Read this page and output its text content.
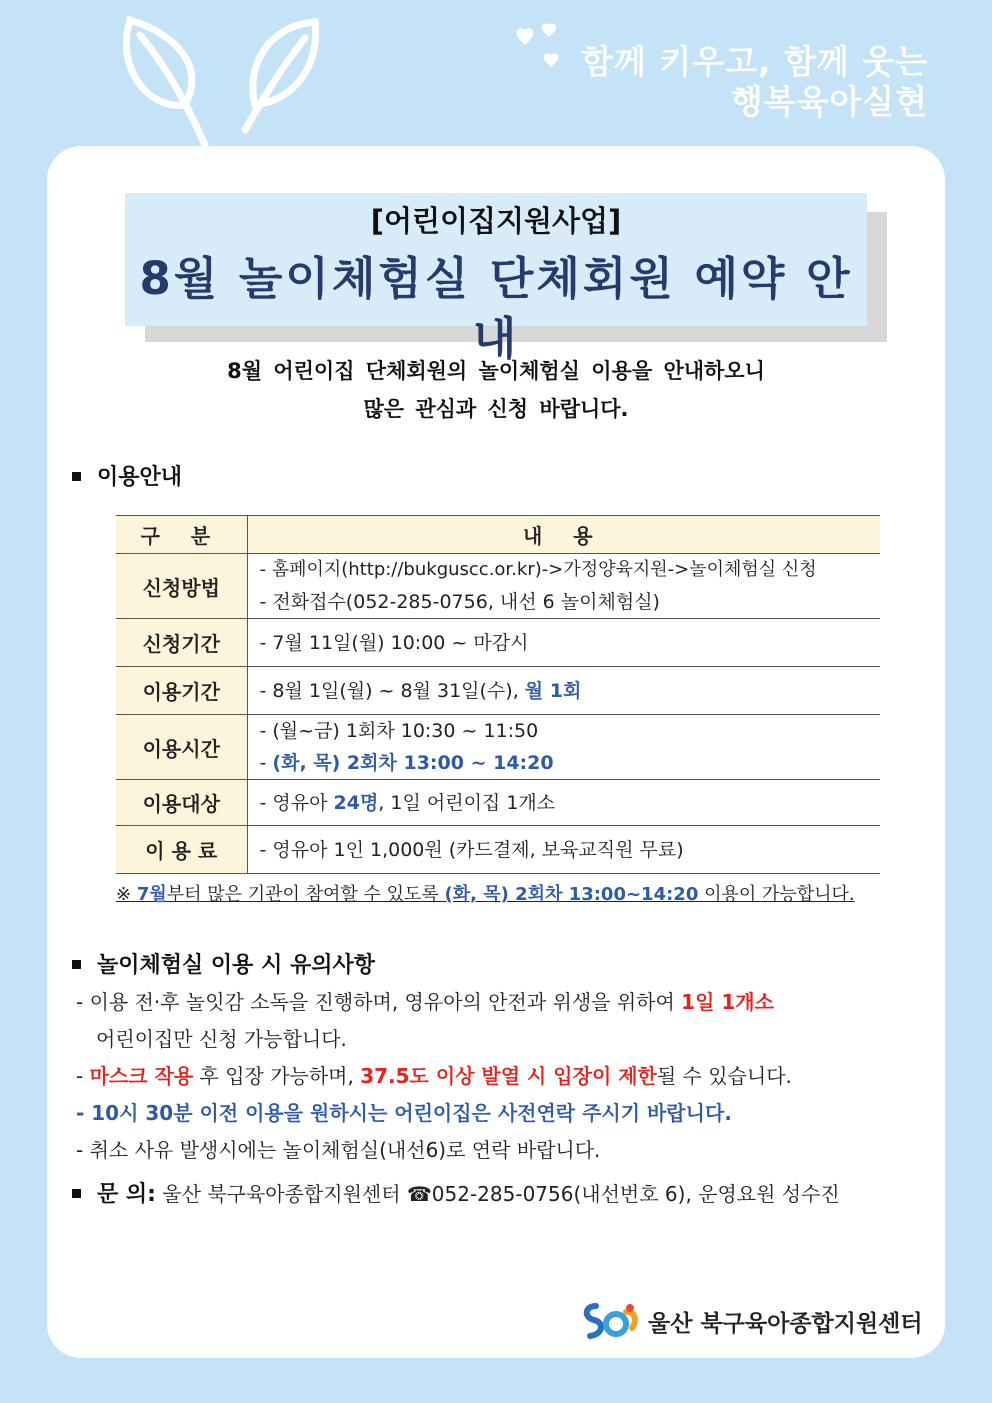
함께 키우고, 함께 웃는
행복육아실현
[어린이집지원사업]
8월 놀이체험실 단체회원 예약 안내
8월 어린이집 단체회원의 놀이체험실 이용을 안내하오니
많은 관심과 신청 바랍니다.
이용안내
구 분	내 용
신청방법	- 홈페이지(http://bukguscc.or.kr)->가정양육지원->놀이체험실 신청
- 전화접수(052-285-0756, 내선 6 놀이체험실)

신청기간	- 7월 11일(월) 10:00 ~ 마감시

이용기간	- 8월 1일(월) ~ 8월 31일(수), 월 1회

이용시간	- (월~금) 1회차 10:30 ~ 11:50
- (화, 목) 2회차 13:00 ~ 14:20

이용대상	- 영유아 24명, 1일 어린이집 1개소

이 용 료	- 영유아 1인 1,000원 (카드결제, 보육교직원 무료)
※ 7월부터 많은 기관이 참여할 수 있도록 (화, 목) 2회차 13:00~14:20 이용이 가능합니다.
놀이체험실 이용 시 유의사항
- 이용 전·후 놀잇감 소독을 진행하며, 영유아의 안전과 위생을 위하여 1일 1개소
어린이집만 신청 가능합니다.
- 마스크 작용 후 입장 가능하며, 37.5도 이상 발열 시 입장이 제한될 수 있습니다.
- 10시 30분 이전 이용을 원하시는 어린이집은 사전연락 주시기 바랍니다.
- 취소 사유 발생시에는 놀이체험실(내선6)로 연락 바랍니다.
문 의: 울산 북구육아종합지원센터 ☎052-285-0756(내선번호 6), 운영요원 성수진
울산 북구육아종합지원센터
